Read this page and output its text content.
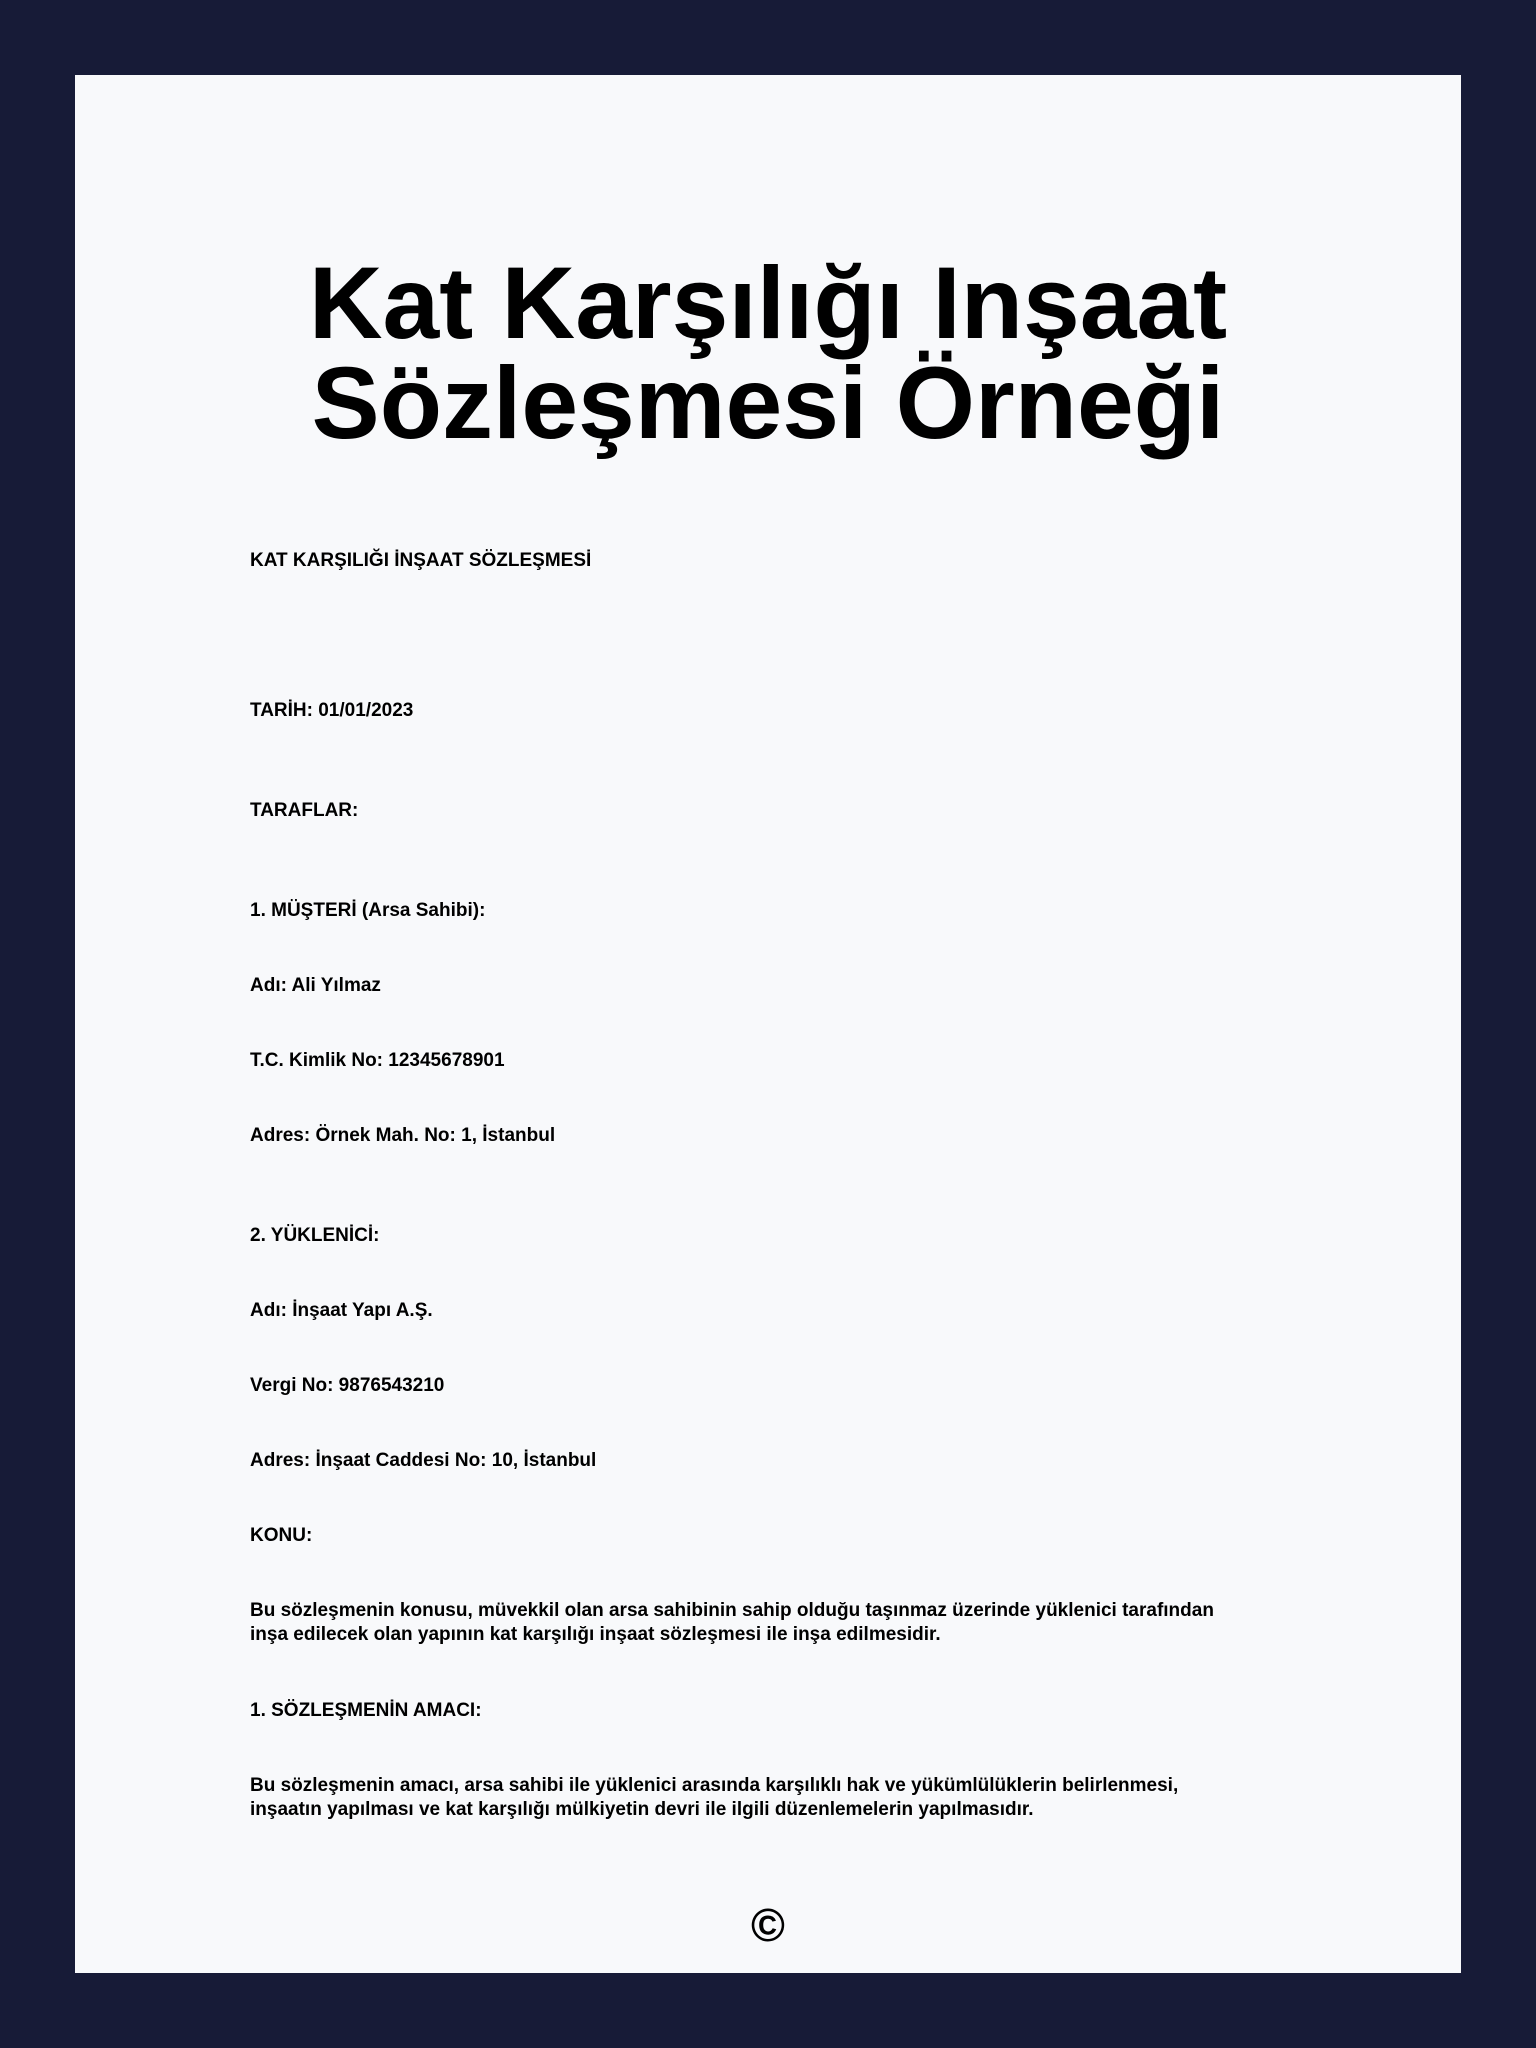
Kat Karşılığı Inşaat
Sözleşmesi Örneği

KAT KARŞILIĞI İNŞAAT SÖZLEŞMESİ

TARİH: 01/01/2023

TARAFLAR:

1. MÜŞTERİ (Arsa Sahibi):

Adı: Ali Yılmaz

T.C. Kimlik No: 12345678901

Adres: Örnek Mah. No: 1, İstanbul

2. YÜKLENİCİ:

Adı: İnşaat Yapı A.Ş.

Vergi No: 9876543210

Adres: İnşaat Caddesi No: 10, İstanbul

KONU:

Bu sözleşmenin konusu, müvekkil olan arsa sahibinin sahip olduğu taşınmaz üzerinde yüklenici tarafından

inşa edilecek olan yapının kat karşılığı inşaat sözleşmesi ile inşa edilmesidir.

1. SÖZLEŞMENİN AMACI:

Bu sözleşmenin amacı, arsa sahibi ile yüklenici arasında karşılıklı hak ve yükümlülüklerin belirlenmesi,

inşaatın yapılması ve kat karşılığı mülkiyetin devri ile ilgili düzenlemelerin yapılmasıdır.

©
